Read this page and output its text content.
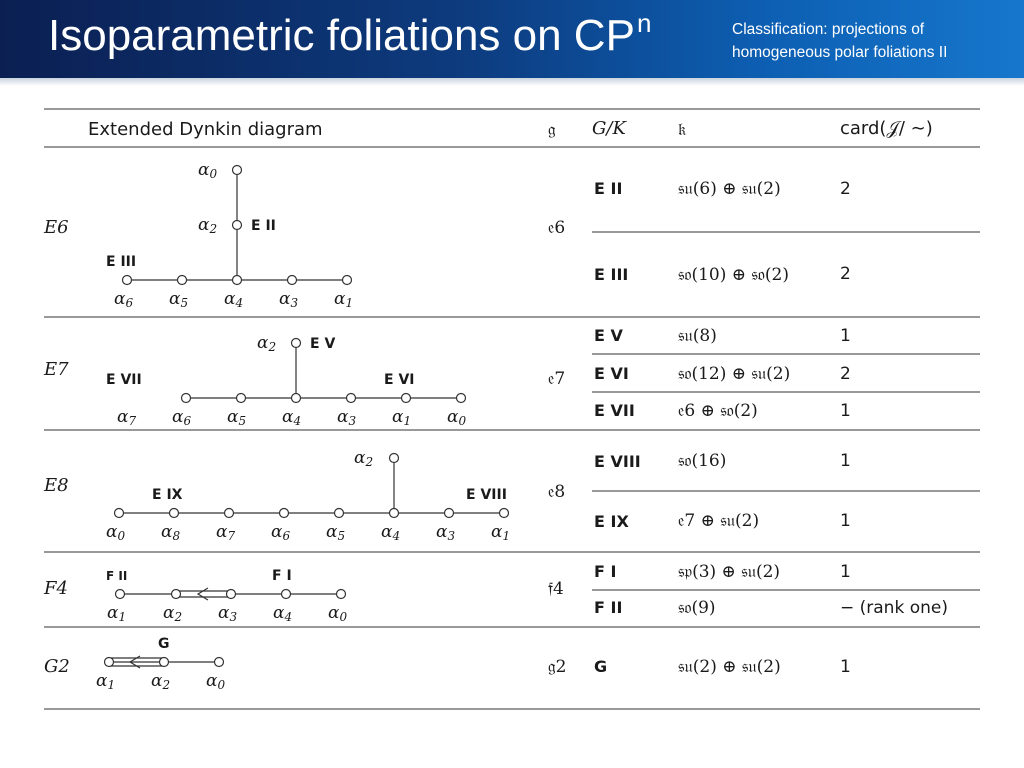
Isoparametric foliations on $CP^n$	Classification: projections of
homogeneous polar foliations II
Extended Dynkin diagram	𝔤 G/K	𝔨	card(𝒥/ ∼)
E6
α6 α5 α4 α3 α1
α2
α0
E II
E III
𝔢6
E II	𝔰𝔲(6) ⊕ 𝔰𝔲(2)	2
E III	𝔰𝔬(10) ⊕ 𝔰𝔬(2)	2
E7
α7 α6 α5 α4 α3 α1 α0
α2 E V
E VI
E VII	𝔢7
E V	𝔰𝔲(8)	1
E VI	𝔰𝔬(12) ⊕ 𝔰𝔲(2)	2
E VII	𝔢6 ⊕ 𝔰𝔬(2)	1
E8
α0 α8 α7 α6 α5 α4 α3 α1
α2
E IX	E VIII 𝔢8
E VIII 𝔰𝔬(16)	1
E IX	𝔢7 ⊕ 𝔰𝔲(2)	1
F4
α1 α2 α3 α4 α0
F II	F I
𝔣4
F I	𝔰𝔭(3) ⊕ 𝔰𝔲(2)	1
F II	𝔰𝔬(9)	− (rank one)
G2
α1 α2 α0
G
𝔤2 G	𝔰𝔲(2) ⊕ 𝔰𝔲(2)	1
